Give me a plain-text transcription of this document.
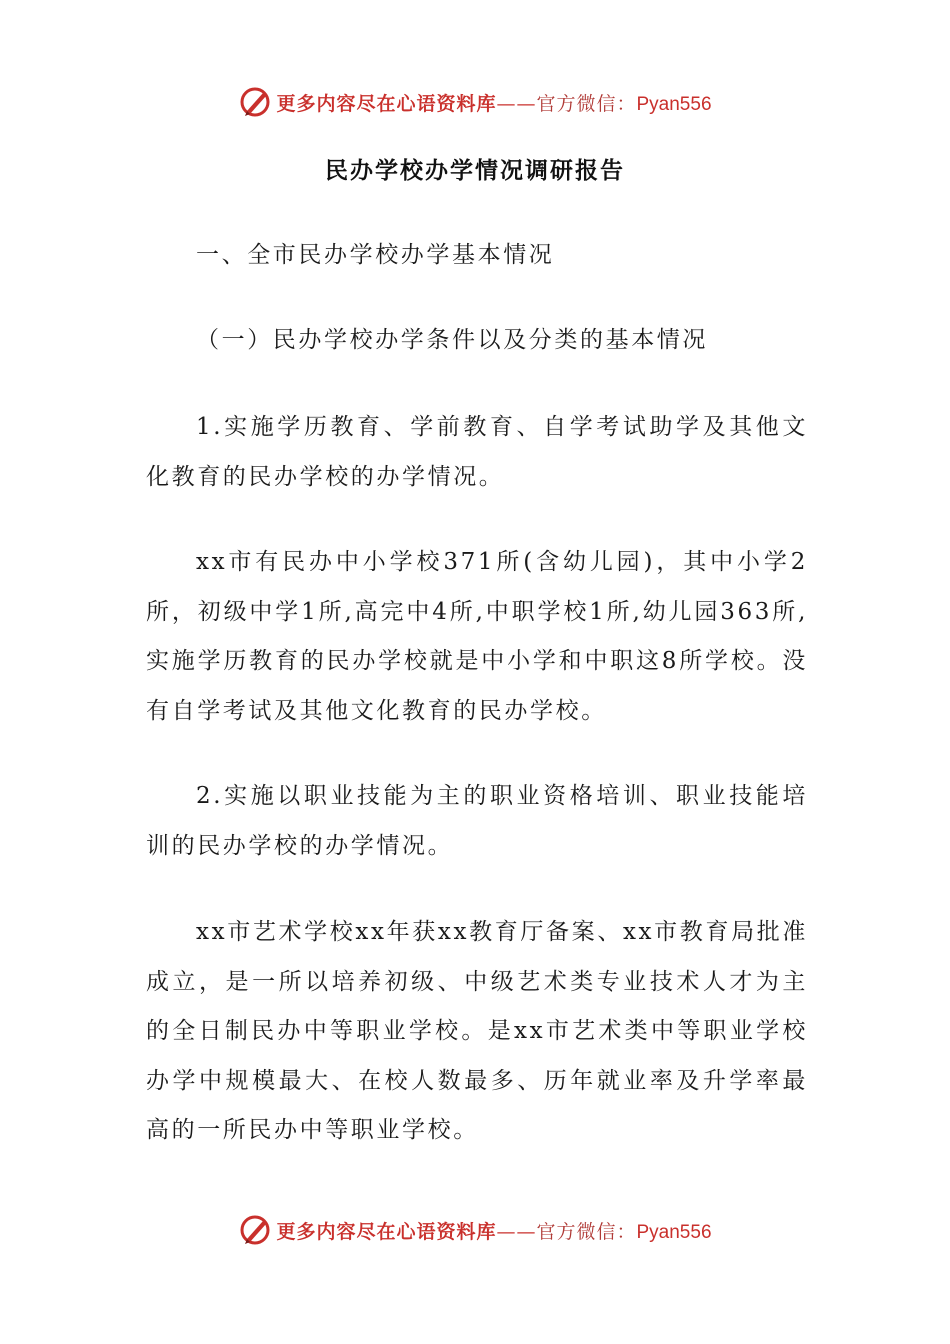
更多内容尽在心语资料库——官方微信：Pyan556
民办学校办学情况调研报告

一、全市民办学校办学基本情况

（一）民办学校办学条件以及分类的基本情况

1.实施学历教育、学前教育、自学考试助学及其他文化教育的民办学校的办学情况。

xx市有民办中小学校371所(含幼儿园)，其中小学2所，初级中学1所,高完中4所,中职学校1所,幼儿园363所,实施学历教育的民办学校就是中小学和中职这8所学校。没有自学考试及其他文化教育的民办学校。

2.实施以职业技能为主的职业资格培训、职业技能培训的民办学校的办学情况。

xx市艺术学校xx年获xx教育厅备案、xx市教育局批准成立，是一所以培养初级、中级艺术类专业技术人才为主的全日制民办中等职业学校。是xx市艺术类中等职业学校办学中规模最大、在校人数最多、历年就业率及升学率最高的一所民办中等职业学校。

更多内容尽在心语资料库——官方微信：Pyan556
